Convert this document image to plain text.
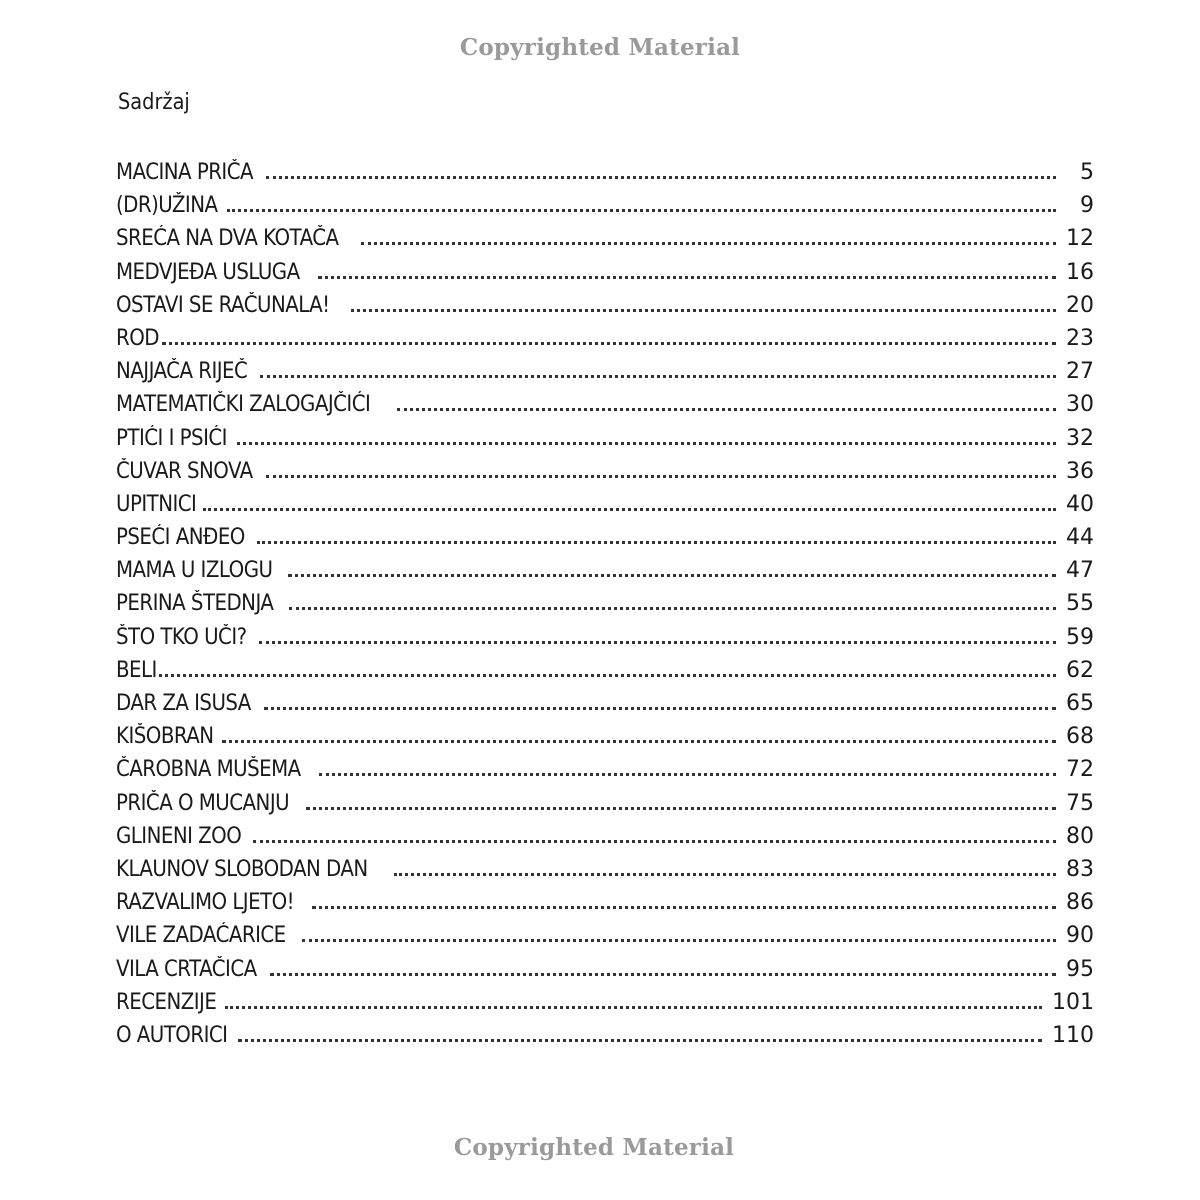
Copyrighted Material
Sadržaj
MACINA PRIČA	5
(DR)UŽINA	9
SREĆA NA DVA KOTAČA	12
MEDVJEĐA USLUGA	16
OSTAVI SE RAČUNALA!	20
ROD	23
NAJJAČA RIJEČ	27
MATEMATIČKI ZALOGAJČIĆI	30
PTIĆI I PSIĆI	32
ČUVAR SNOVA	36
UPITNICI	40
PSEĆI ANĐEO	44
MAMA U IZLOGU	47
PERINA ŠTEDNJA	55
ŠTO TKO UČI?	59
BELI	62
DAR ZA ISUSA	65
KIŠOBRAN	68
ČAROBNA MUŠEMA	72
PRIČA O MUCANJU	75
GLINENI ZOO	80
KLAUNOV SLOBODAN DAN	83
RAZVALIMO LJETO!	86
VILE ZADAĆARICE	90
VILA CRTAČICA	95
RECENZIJE	101
O AUTORICI	110
Copyrighted Material
